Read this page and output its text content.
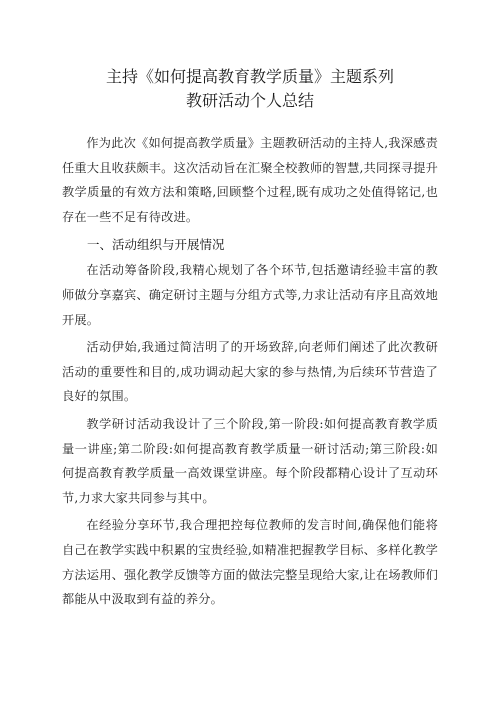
主持《如何提高教育教学质量》主题系列
教研活动个人总结

作为此次《如何提高教学质量》主题教研活动的主持人,我深感责任重大且收获颇丰。这次活动旨在汇聚全校教师的智慧,共同探寻提升教学质量的有效方法和策略,回顾整个过程,既有成功之处值得铭记,也存在一些不足有待改进。

一、活动组织与开展情况

在活动筹备阶段,我精心规划了各个环节,包括邀请经验丰富的教师做分享嘉宾、确定研讨主题与分组方式等,力求让活动有序且高效地开展。

活动伊始,我通过简洁明了的开场致辞,向老师们阐述了此次教研活动的重要性和目的,成功调动起大家的参与热情,为后续环节营造了良好的氛围。

教学研讨活动我设计了三个阶段,第一阶段:如何提高教育教学质量一讲座;第二阶段:如何提高教育教学质量一研讨活动;第三阶段:如何提高教育教学质量一高效课堂讲座。每个阶段都精心设计了互动环节,力求大家共同参与其中。

在经验分享环节,我合理把控每位教师的发言时间,确保他们能将自己在教学实践中积累的宝贵经验,如精准把握教学目标、多样化教学方法运用、强化教学反馈等方面的做法完整呈现给大家,让在场教师们都能从中汲取到有益的养分。
